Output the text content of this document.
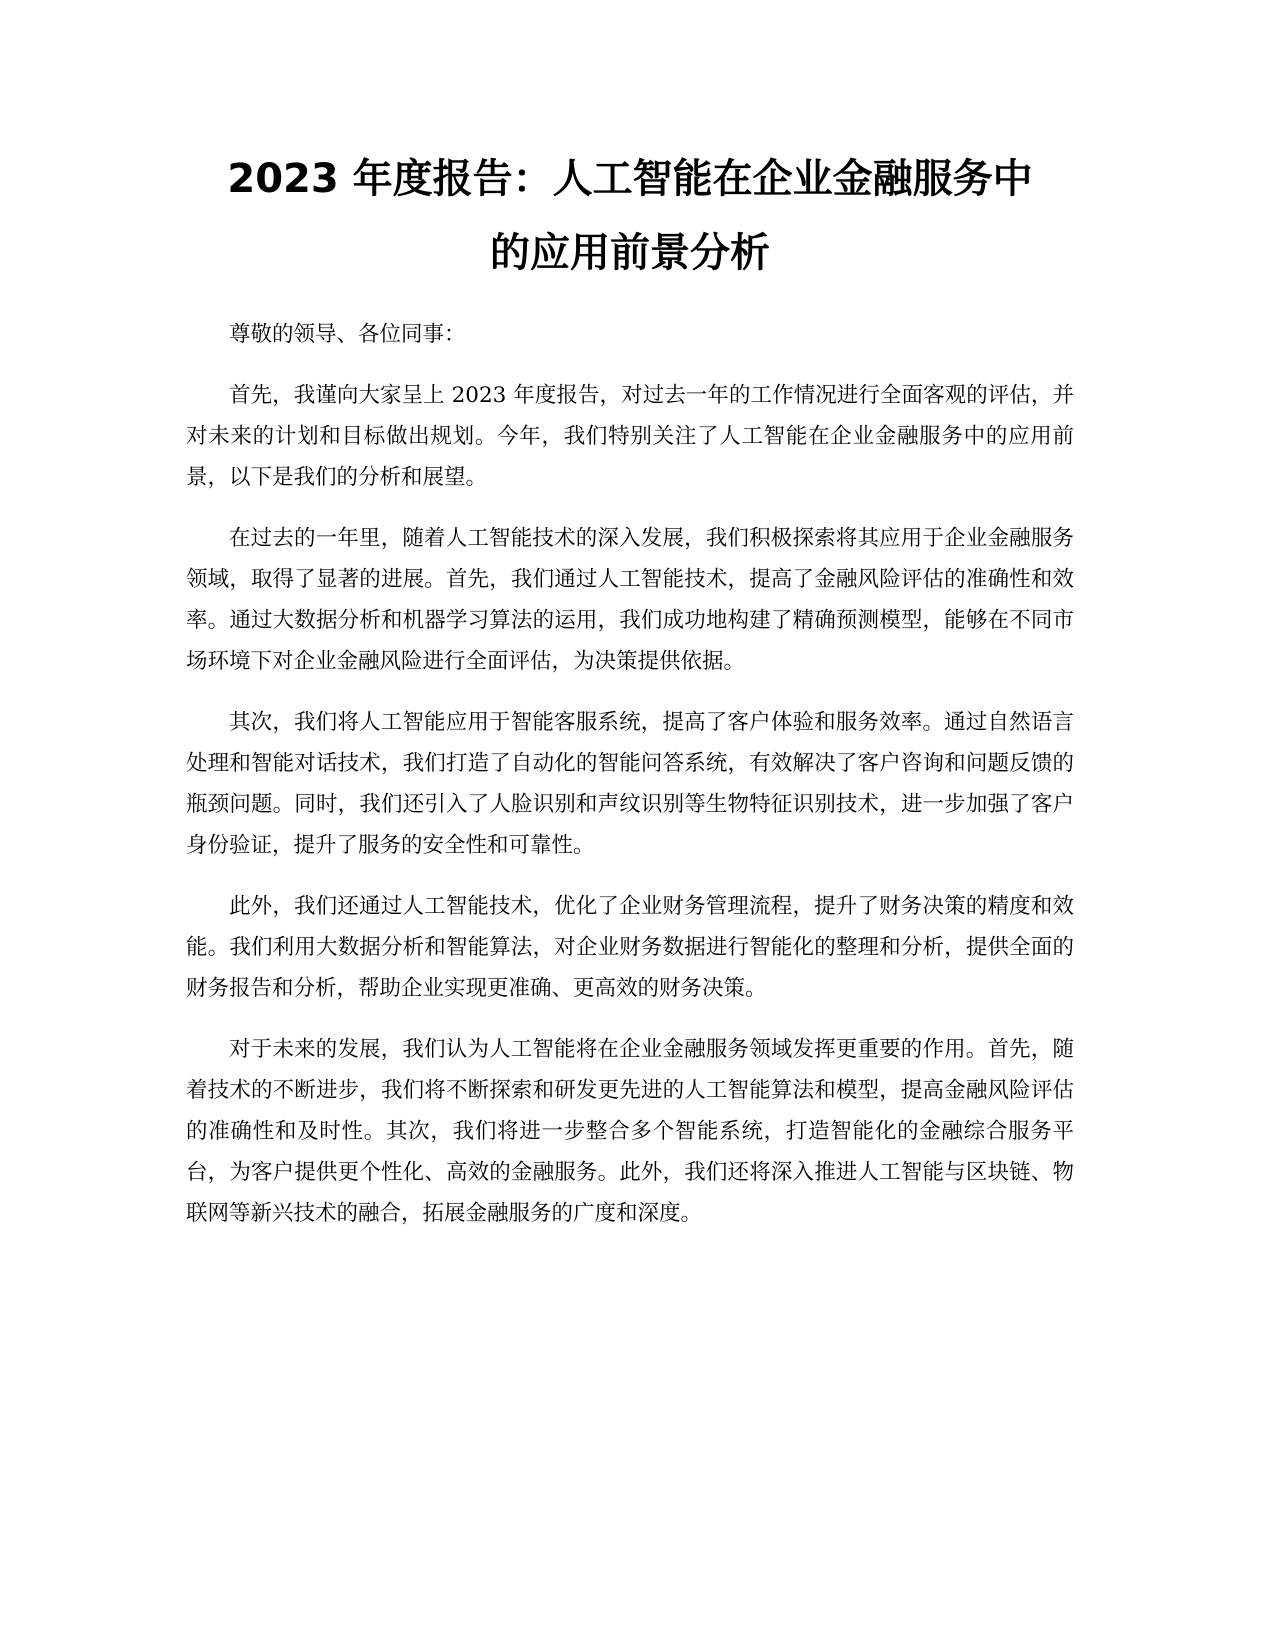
2023 年度报告：人工智能在企业金融服务中
的应用前景分析

尊敬的领导、各位同事：

首先，我谨向大家呈上 2023 年度报告，对过去一年的工作情况进行全面客观的评估，并对未来的计划和目标做出规划。今年，我们特别关注了人工智能在企业金融服务中的应用前景，以下是我们的分析和展望。

在过去的一年里，随着人工智能技术的深入发展，我们积极探索将其应用于企业金融服务领域，取得了显著的进展。首先，我们通过人工智能技术，提高了金融风险评估的准确性和效率。通过大数据分析和机器学习算法的运用，我们成功地构建了精确预测模型，能够在不同市场环境下对企业金融风险进行全面评估，为决策提供依据。

其次，我们将人工智能应用于智能客服系统，提高了客户体验和服务效率。通过自然语言处理和智能对话技术，我们打造了自动化的智能问答系统，有效解决了客户咨询和问题反馈的瓶颈问题。同时，我们还引入了人脸识别和声纹识别等生物特征识别技术，进一步加强了客户身份验证，提升了服务的安全性和可靠性。

此外，我们还通过人工智能技术，优化了企业财务管理流程，提升了财务决策的精度和效能。我们利用大数据分析和智能算法，对企业财务数据进行智能化的整理和分析，提供全面的财务报告和分析，帮助企业实现更准确、更高效的财务决策。

对于未来的发展，我们认为人工智能将在企业金融服务领域发挥更重要的作用。首先，随着技术的不断进步，我们将不断探索和研发更先进的人工智能算法和模型，提高金融风险评估的准确性和及时性。其次，我们将进一步整合多个智能系统，打造智能化的金融综合服务平台，为客户提供更个性化、高效的金融服务。此外，我们还将深入推进人工智能与区块链、物联网等新兴技术的融合，拓展金融服务的广度和深度。
